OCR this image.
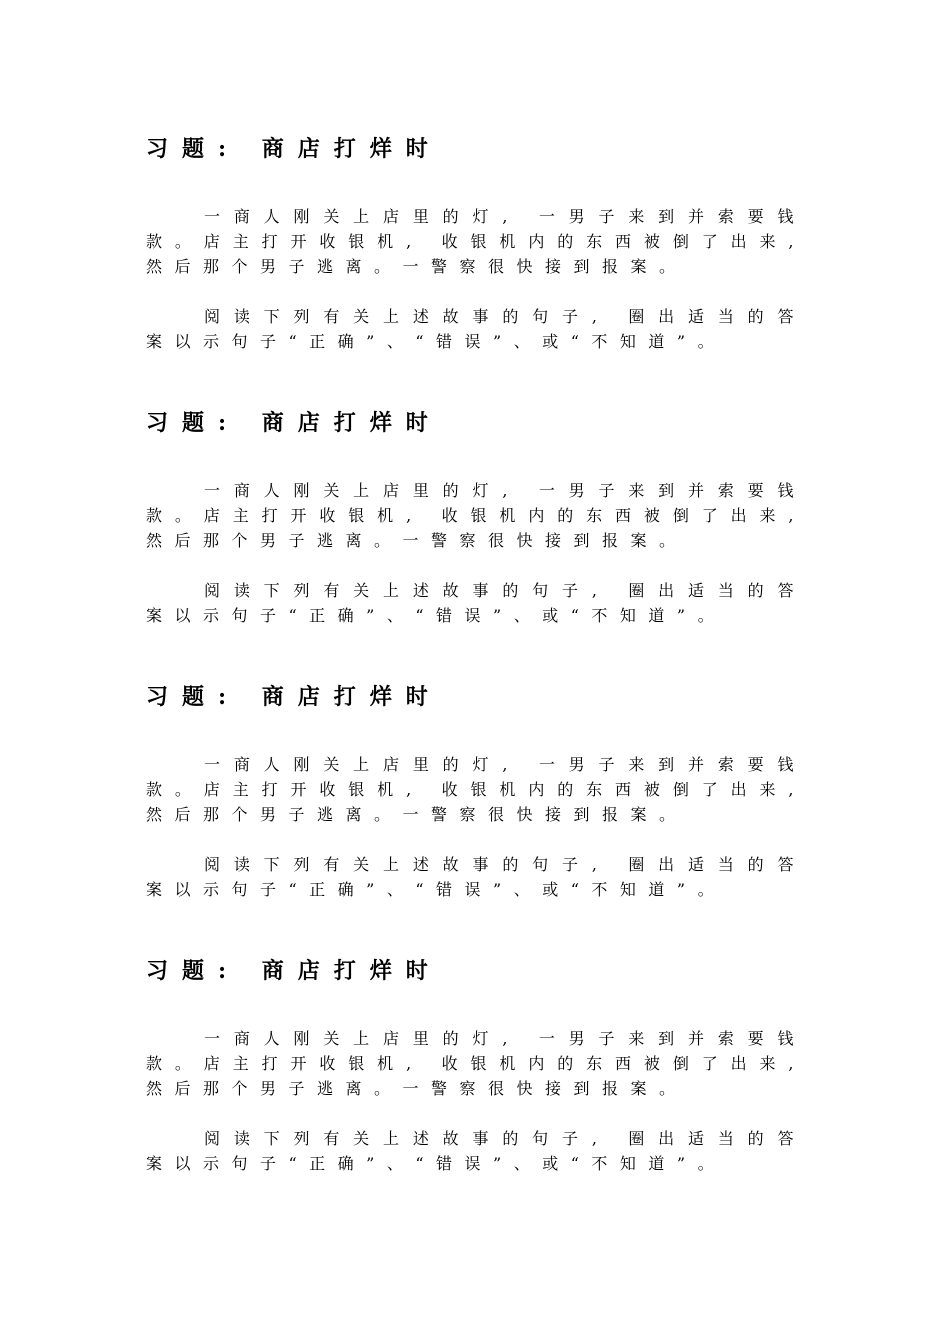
习题: 商店打烊时

一商人刚关上店里的灯, 一男子来到并索要钱款。店主打开收银机, 收银机内的东西被倒了出来, 然后那个男子逃离。一警察很快接到报案。

阅读下列有关上述故事的句子, 圈出适当的答案以示句子“正确”、“错误”、或“不知道”。

习题: 商店打烊时

一商人刚关上店里的灯, 一男子来到并索要钱款。店主打开收银机, 收银机内的东西被倒了出来, 然后那个男子逃离。一警察很快接到报案。

阅读下列有关上述故事的句子, 圈出适当的答案以示句子“正确”、“错误”、或“不知道”。

习题: 商店打烊时

一商人刚关上店里的灯, 一男子来到并索要钱款。店主打开收银机, 收银机内的东西被倒了出来, 然后那个男子逃离。一警察很快接到报案。

阅读下列有关上述故事的句子, 圈出适当的答案以示句子“正确”、“错误”、或“不知道”。

习题: 商店打烊时

一商人刚关上店里的灯, 一男子来到并索要钱款。店主打开收银机, 收银机内的东西被倒了出来, 然后那个男子逃离。一警察很快接到报案。

阅读下列有关上述故事的句子, 圈出适当的答案以示句子“正确”、“错误”、或“不知道”。
